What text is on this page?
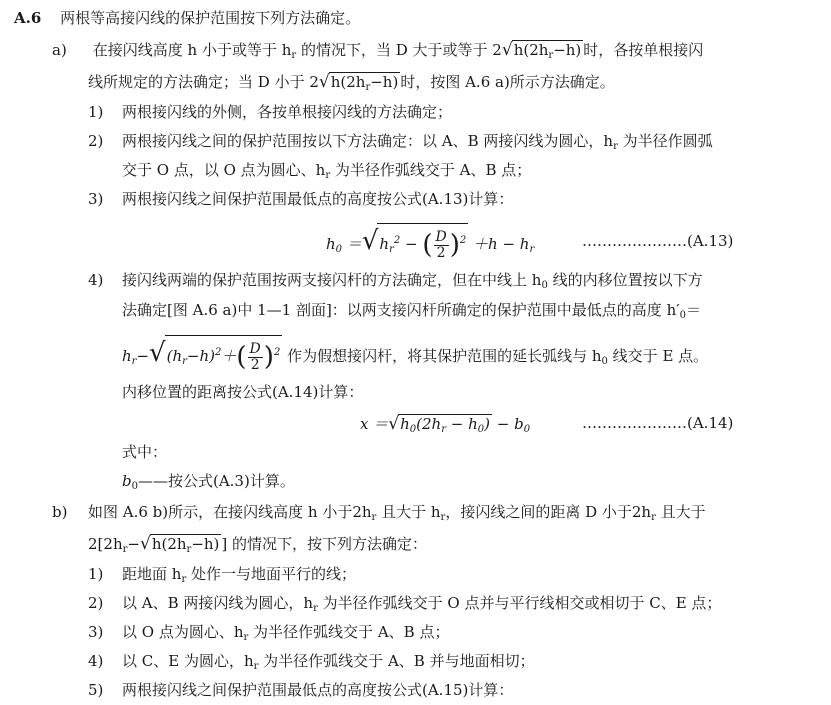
A.6 两根等高接闪线的保护范围按下列方法确定。
a) 在接闪线高度 h 小于或等于 $h_r$ 的情况下，当 D 大于或等于 $2√h(2h_r-h)$ 时，各按单根接闪
线所规定的方法确定；当 D 小于 $2√h(2h_r-h)$ 时，按图 A.6 a)所示方法确定。
1) 两根接闪线的外侧，各按单根接闪线的方法确定；
2) 两根接闪线之间的保护范围按以下方法确定：以 A、B 两接闪线为圆心，$h_r$ 为半径作圆弧
交于 O 点，以 O 点为圆心、$h_r$ 为半径作弧线交于 A、B 点；
3) 两根接闪线之间保护范围最低点的高度按公式(A.13)计算：
$h_0 =√h_r^2$ − ( $\frac{D}{2} )^2 +h - h_r$	…………………(A.13)
4) 接闪线两端的保护范围按两支接闪杆的方法确定，但在中线上 $h_0$ 线的内移位置按以下方
法确定[图 A.6 a)中 1—1 剖面]：以两支接闪杆所确定的保护范围中最低点的高度 $h'_0=$
$h_r-√(h_r-h)^2+( \frac{D}{2} )^2$ 作为假想接闪杆，将其保护范围的延长弧线与 $h_0$ 线交于 E 点。
内移位置的距离按公式(A.14)计算：
$x =√h_0(2h_r - h_0) - b_0$	…………………(A.14)
式中：
$b_0——$按公式(A.3)计算。
b) 如图 A.6 b)所示，在接闪线高度 h 小于$2h_r$ 且大于 $h_r$，接闪线之间的距离 D 小于$2h_r$ 且大于
$2[2h_r-√h(2h_r-h)$ ] 的情况下，按下列方法确定：
1) 距地面 $h_r$ 处作一与地面平行的线；
2) 以 A、B 两接闪线为圆心，$h_r$ 为半径作弧线交于 O 点并与平行线相交或相切于 C、E 点；
3) 以 O 点为圆心、$h_r$ 为半径作弧线交于 A、B 点；
4) 以 C、E 为圆心，$h_r$ 为半径作弧线交于 A、B 并与地面相切；
5) 两根接闪线之间保护范围最低点的高度按公式(A.15)计算：
